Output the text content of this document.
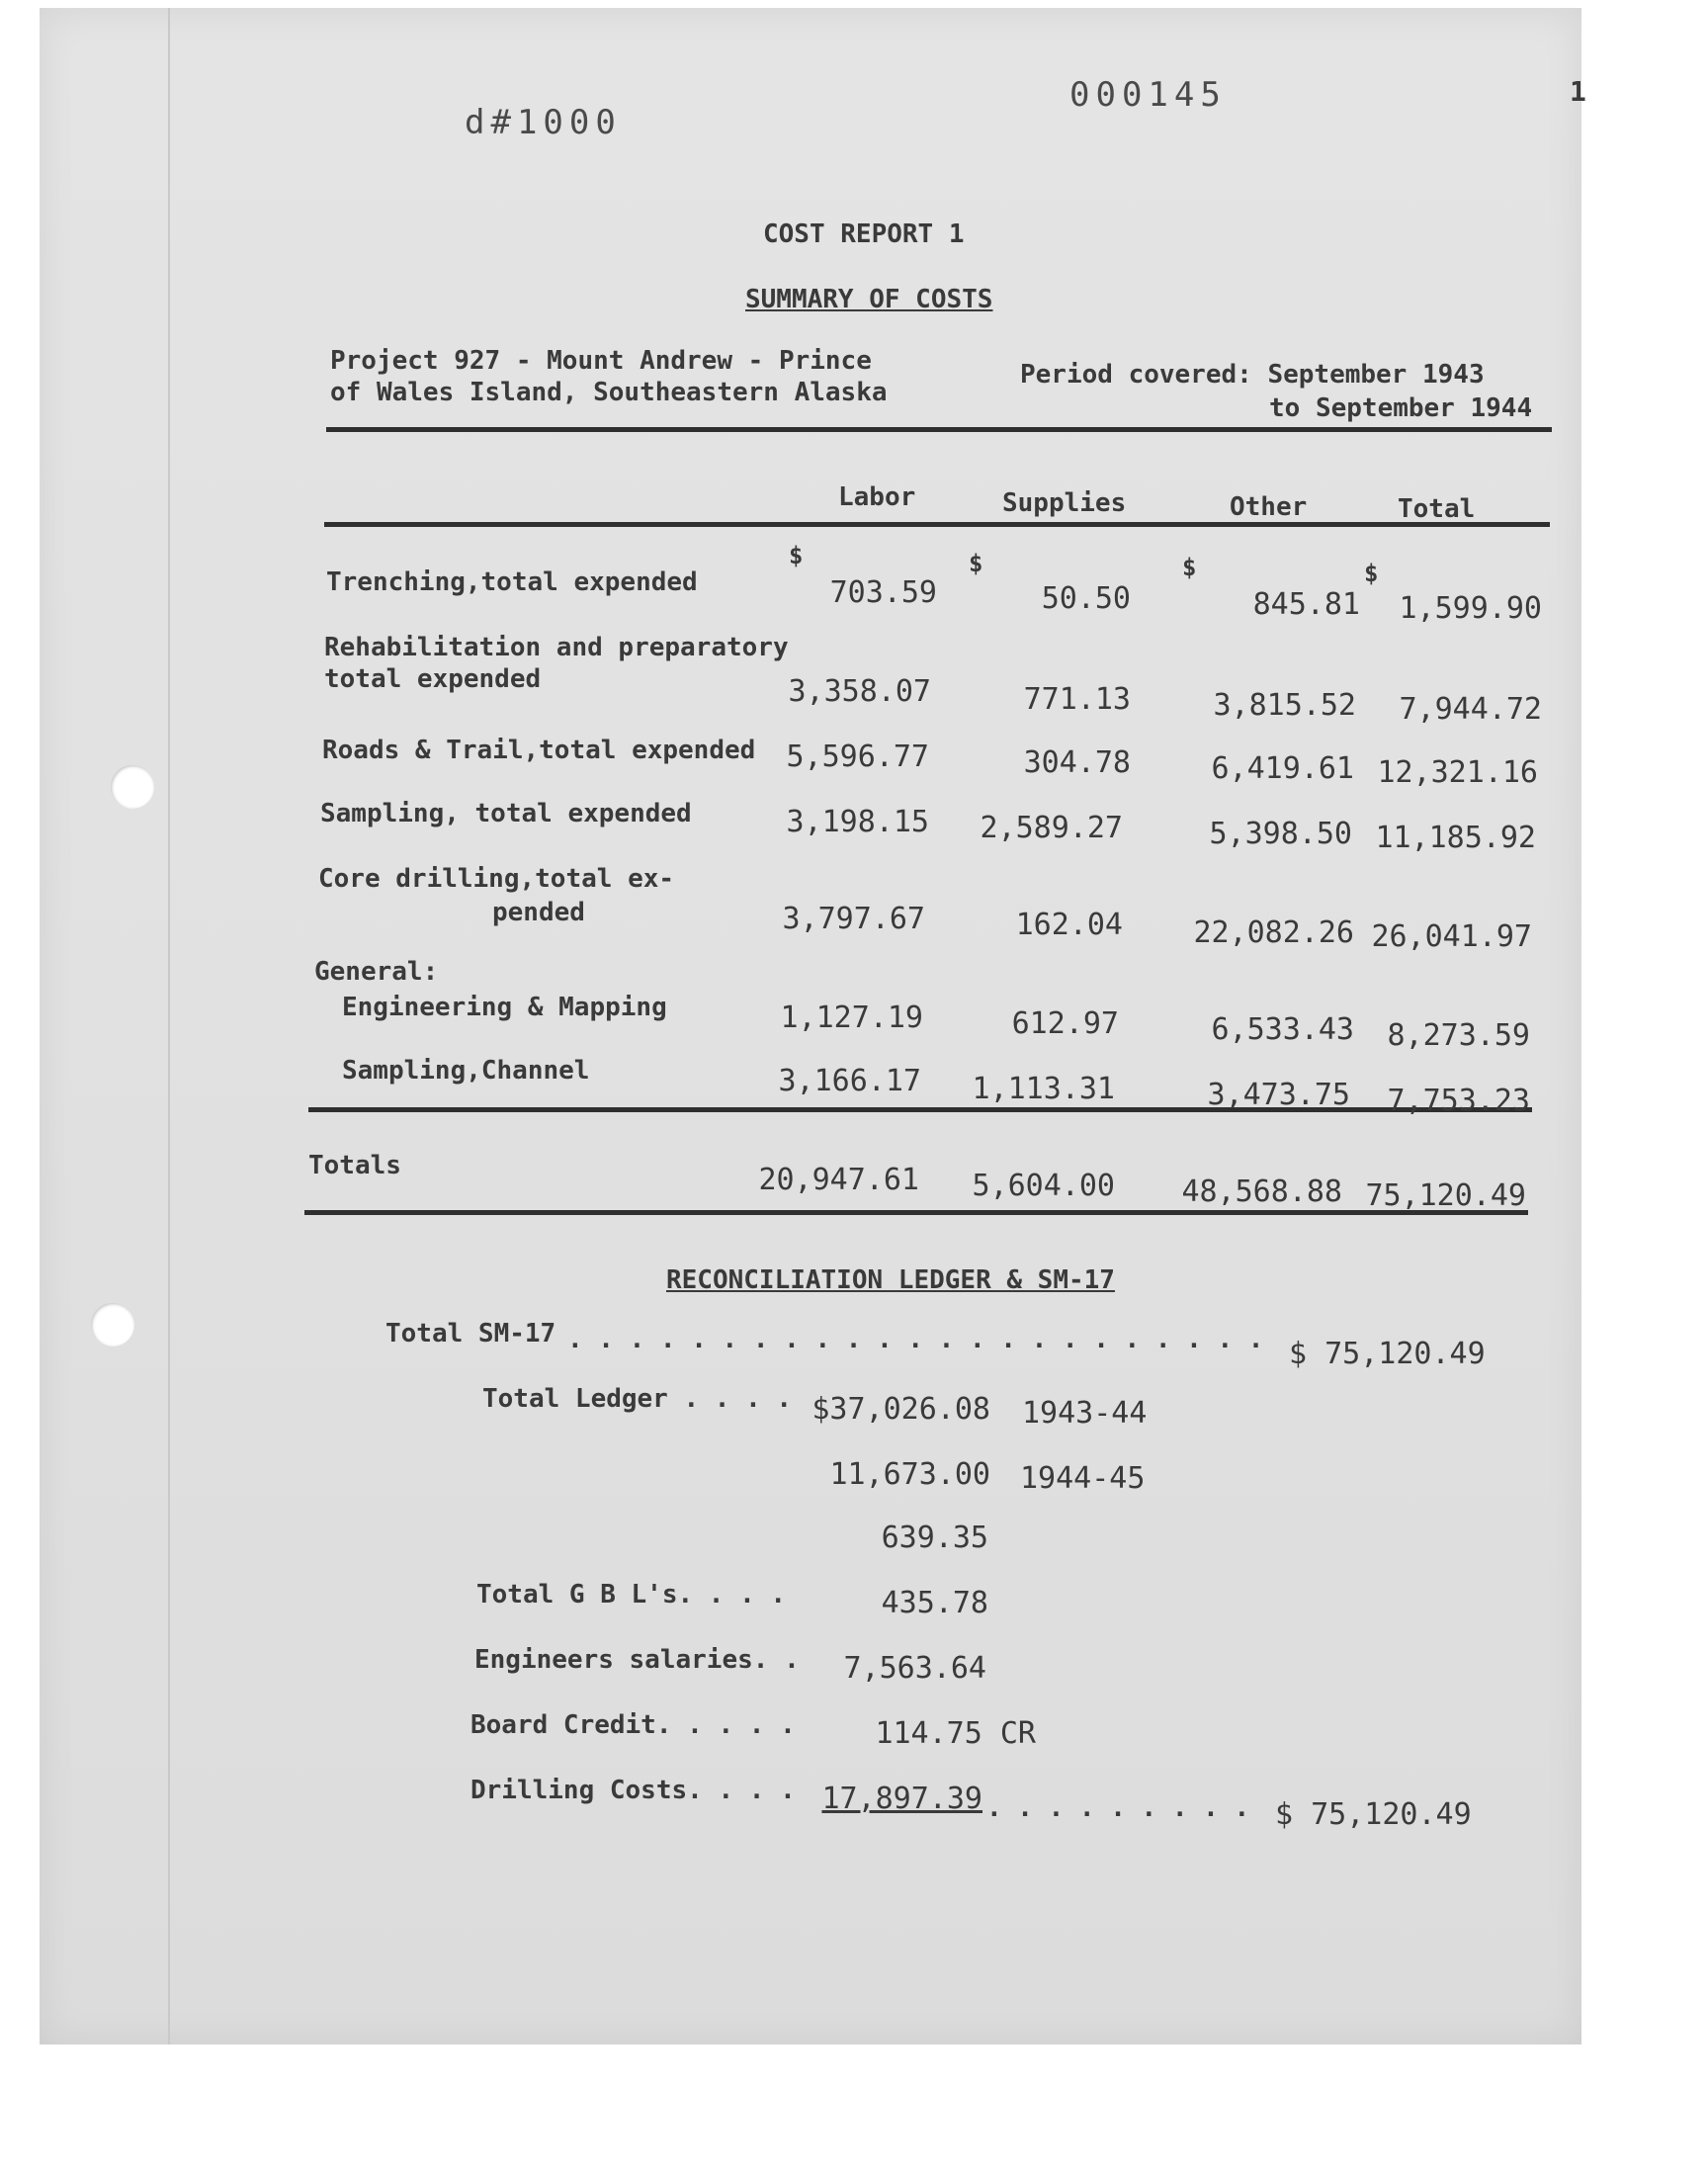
d#1000
000145	1
COST REPORT 1
SUMMARY OF COSTS
Project 927 - Mount Andrew - Prince
of Wales Island, Southeastern Alaska
Period covered: September 1943
to September 1944
Labor	Supplies	Other	Total
$	$	$	$
Trenching,total expended	703.59	50.50	845.81 1,599.90
Rehabilitation and preparatory
total expended	3,358.07	771.13	3,815.52 7,944.72
Roads & Trail,total expended 5,596.77	304.78	6,419.61 12,321.16
Sampling, total expended	3,198.15 2,589.27	5,398.50 11,185.92
Core drilling,total ex-
pended	3,797.67	162.04 22,082.26 26,041.97
General:
Engineering & Mapping	1,127.19	612.97	6,533.43 8,273.59
Sampling,Channel	3,166.17 1,113.31	3,473.75 7,753.23
Totals	20,947.61 5,604.00 48,568.88 75,120.49
RECONCILIATION LEDGER & SM-17
Total SM-17 . . . . . . . . . . . . . . . . . . . . . . . $ 75,120.49
Total Ledger . . . . $37,026.08 1943-44
11,673.00 1944-45
639.35
Total G B L's. . . .	435.78
Engineers salaries. . 7,563.64
Board Credit. . . . .	114.75 CR
Drilling Costs. . . . 17,897.39 . . . . . . . . . $ 75,120.49
